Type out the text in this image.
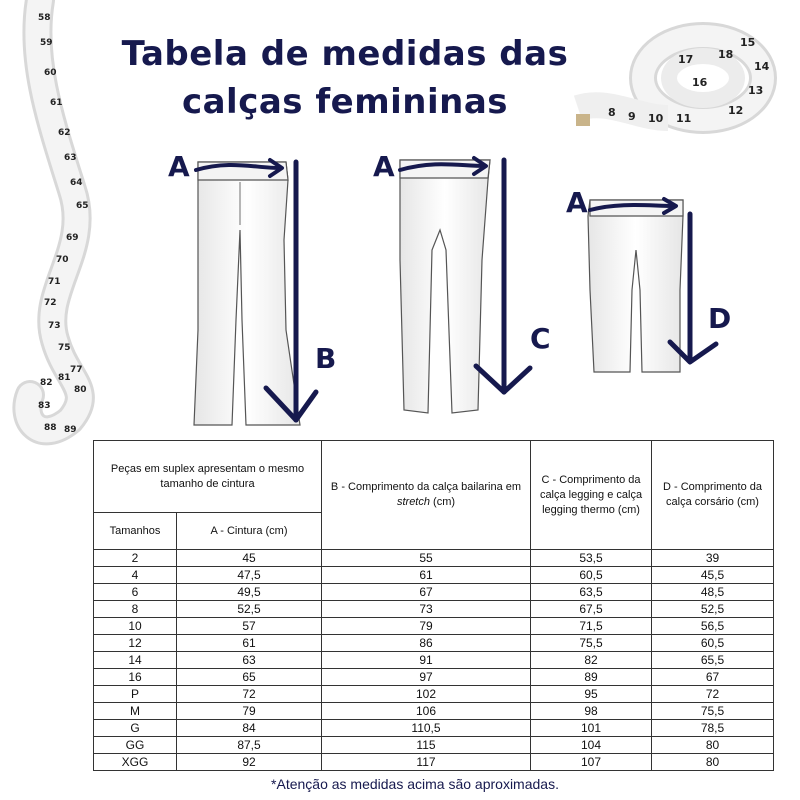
Tabela de medidas das
calças femininas
58
59
60
61
62
63
64
65
69
70
71
72
73
75
77
80
81
82
83
88 89
8 9 10 11
12
13
14
15
16
17 18
A	A
A
B
C
D
Peças em suplex apresentam o mesmo tamanho de cintura		B - Comprimento da calça bailarina em stretch (cm)	C - Comprimento da calça legging e calça legging thermo (cm)	D - Comprimento da calça corsário (cm)
Tamanhos	A - Cintura (cm)			
2	45	55	53,5	39
4	47,5	61	60,5	45,5
6	49,5	67	63,5	48,5
8	52,5	73	67,5	52,5
10	57	79	71,5	56,5
12	61	86	75,5	60,5
14	63	91	82	65,5
16	65	97	89	67
P	72	102	95	72
M	79	106	98	75,5
G	84	110,5	101	78,5
GG	87,5	115	104	80
XGG	92	117	107	80
*Atenção as medidas acima são aproximadas.
